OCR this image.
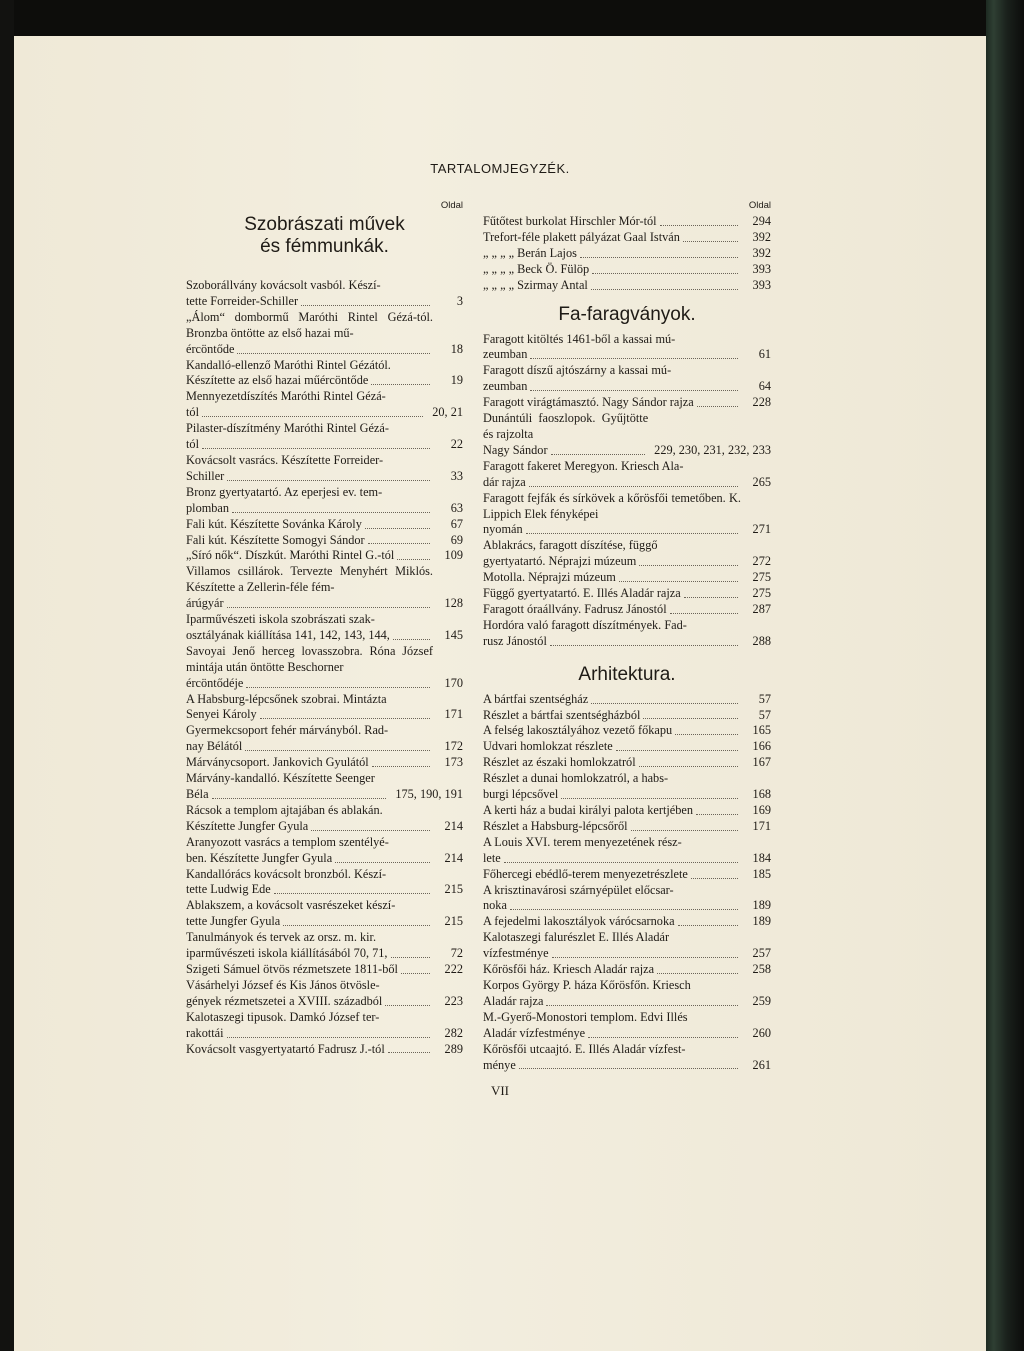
TARTALOMJEGYZÉK.
Oldal
Szobrászati művek
és fémmunkák.
Szoborállvány kovácsolt vasból. Készí-
tette Forreider-Schiller	3
„Álom“ dombormű Maróthi Rintel Gézá-tól. Bronzba öntötte az első hazai mű-
ércöntőde	18
Kandalló-ellenző Maróthi Rintel Gézától.
Készítette az első hazai műércöntőde	19
Mennyezetdíszítés Maróthi Rintel Gézá-
tól	20, 21
Pilaster-díszítmény Maróthi Rintel Gézá-
tól	22
Kovácsolt vasrács. Készítette Forreider-
Schiller	33
Bronz gyertyatartó. Az eperjesi ev. tem-
plomban	63
Fali kút. Készítette Sovánka Károly	67
Fali kút. Készítette Somogyi Sándor	69
„Síró nők“. Díszkút. Maróthi Rintel G.-tól	109
Villamos csillárok. Tervezte Menyhért Miklós. Készítette a Zellerin-féle fém-
árúgyár	128
Iparművészeti iskola szobrászati szak-
osztályának kiállítása 141, 142, 143, 144,	145
Savoyai Jenő herceg lovasszobra. Róna József mintája után öntötte Beschorner
ércöntődéje	170
A Habsburg-lépcsőnek szobrai. Mintázta
Senyei Károly	171
Gyermekcsoport fehér márványból. Rad-
nay Bélától	172
Márványcsoport. Jankovich Gyulától	173
Márvány-kandalló. Készítette Seenger
Béla	175, 190, 191
Rácsok a templom ajtajában és ablakán.
Készítette Jungfer Gyula	214
Aranyozott vasrács a templom szentélyé-
ben. Készítette Jungfer Gyula	214
Kandallórács kovácsolt bronzból. Készí-
tette Ludwig Ede	215
Ablakszem, a kovácsolt vasrészeket készí-
tette Jungfer Gyula	215
Tanulmányok és tervek az orsz. m. kir.
iparművészeti iskola kiállításából 70, 71,	72
Szigeti Sámuel ötvös rézmetszete 1811-ből	222
Vásárhelyi József és Kis János ötvösle-
gények rézmetszetei a XVIII. századból	223
Kalotaszegi tipusok. Damkó József ter-
rakottái	282
Kovácsolt vasgyertyatartó Fadrusz J.-tól	289
Oldal
Fűtőtest burkolat Hirschler Mór-tól	294
Trefort-féle plakett pályázat Gaal István	392
„ „ „ „ Berán Lajos	392
„ „ „ „ Beck Ö. Fülöp	393
„ „ „ „ Szirmay Antal	393
Fa-faragványok.
Faragott kitöltés 1461-ből a kassai mú-
zeumban	61
Faragott díszű ajtószárny a kassai mú-
zeumban	64
Faragott virágtámasztó. Nagy Sándor rajza	228
Dunántúli faoszlopok. Gyűjtötte és rajzolta
Nagy Sándor	229, 230, 231, 232, 233
Faragott fakeret Meregyon. Kriesch Ala-
dár rajza	265
Faragott fejfák és sírkövek a kőrösfői temetőben. K. Lippich Elek fényképei
nyomán	271
Ablakrács, faragott díszítése, függő
gyertyatartó. Néprajzi múzeum	272
Motolla. Néprajzi múzeum	275
Függő gyertyatartó. E. Illés Aladár rajza	275
Faragott óraállvány. Fadrusz Jánostól	287
Hordóra való faragott díszítmények. Fad-
rusz Jánostól	288
Arhitektura.
A bártfai szentségház	57
Részlet a bártfai szentségházból	57
A felség lakosztályához vezető főkapu	165
Udvari homlokzat részlete	166
Részlet az északi homlokzatról	167
Részlet a dunai homlokzatról, a habs-
burgi lépcsővel	168
A kerti ház a budai királyi palota kertjében	169
Részlet a Habsburg-lépcsőről	171
A Louis XVI. terem menyezetének rész-
lete	184
Főhercegi ebédlő-terem menyezetrészlete	185
A krisztinavárosi szárnyépület előcsar-
noka	189
A fejedelmi lakosztályok várócsarnoka	189
Kalotaszegi falurészlet E. Illés Aladár
vízfestménye	257
Kőrösfői ház. Kriesch Aladár rajza	258
Korpos György P. háza Kőrösfőn. Kriesch
Aladár rajza	259
M.-Gyerő-Monostori templom. Edvi Illés
Aladár vízfestménye	260
Kőrösfői utcaajtó. E. Illés Aladár vízfest-
ménye	261
VII
